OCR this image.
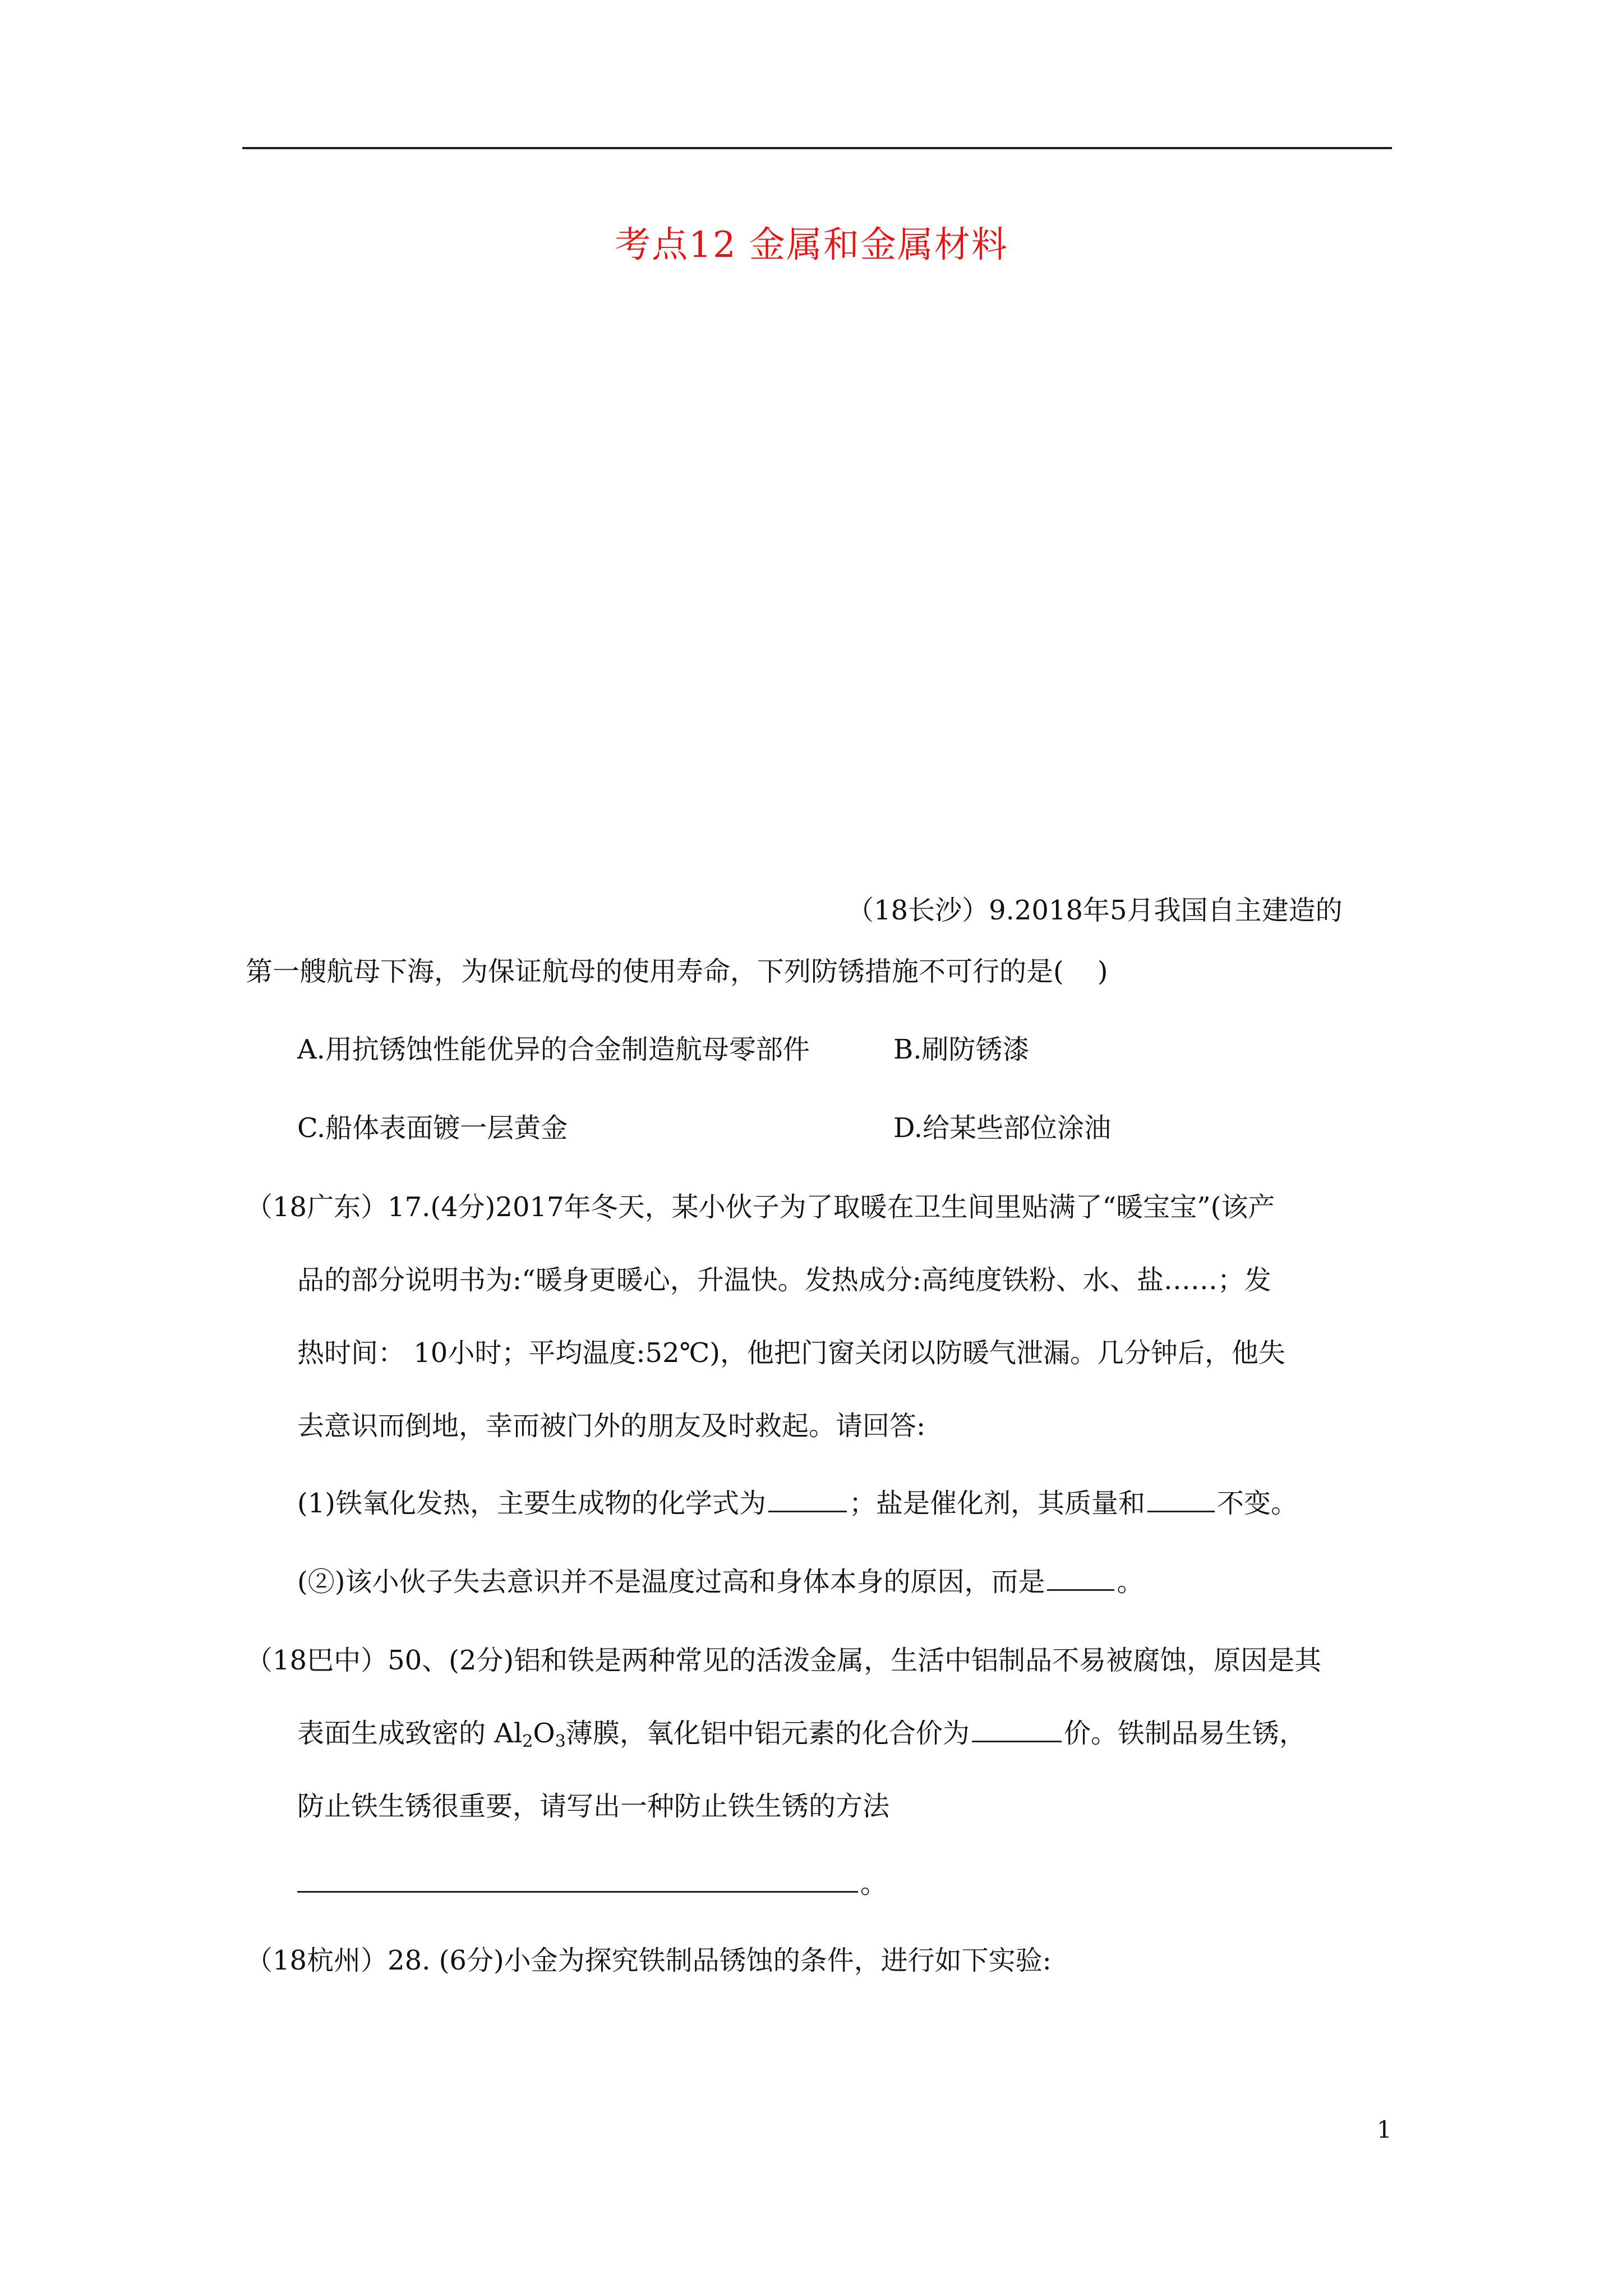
考点12 金属和金属材料
（18长沙）9.2018年5月我国自主建造的
第一艘航母下海，为保证航母的使用寿命，下列防锈措施不可行的是( )
A.用抗锈蚀性能优异的合金制造航母零部件	B.刷防锈漆
C.船体表面镀一层黄金	D.给某些部位涂油
（18广东）17.(4分)2017年冬天，某小伙子为了取暖在卫生间里贴满了“暖宝宝”(该产
品的部分说明书为:“暖身更暖心，升温快。发热成分:高纯度铁粉、水、盐……；发
热时间： 10小时；平均温度:52℃)，他把门窗关闭以防暖气泄漏。几分钟后，他失
去意识而倒地，幸而被门外的朋友及时救起。请回答:
(1)铁氧化发热，主要生成物的化学式为	；盐是催化剂，其质量和	不变。
(②)该小伙子失去意识并不是温度过高和身体本身的原因，而是	。
（18巴中）50、(2分)铝和铁是两种常见的活泼金属，生活中铝制品不易被腐蚀，原因是其
表面生成致密的 $Al_2O_3$薄膜，氧化铝中铝元素的化合价为	价。铁制品易生锈，
防止铁生锈很重要，请写出一种防止铁生锈的方法
。
（18杭州）28. (6分)小金为探究铁制品锈蚀的条件，进行如下实验:
1
